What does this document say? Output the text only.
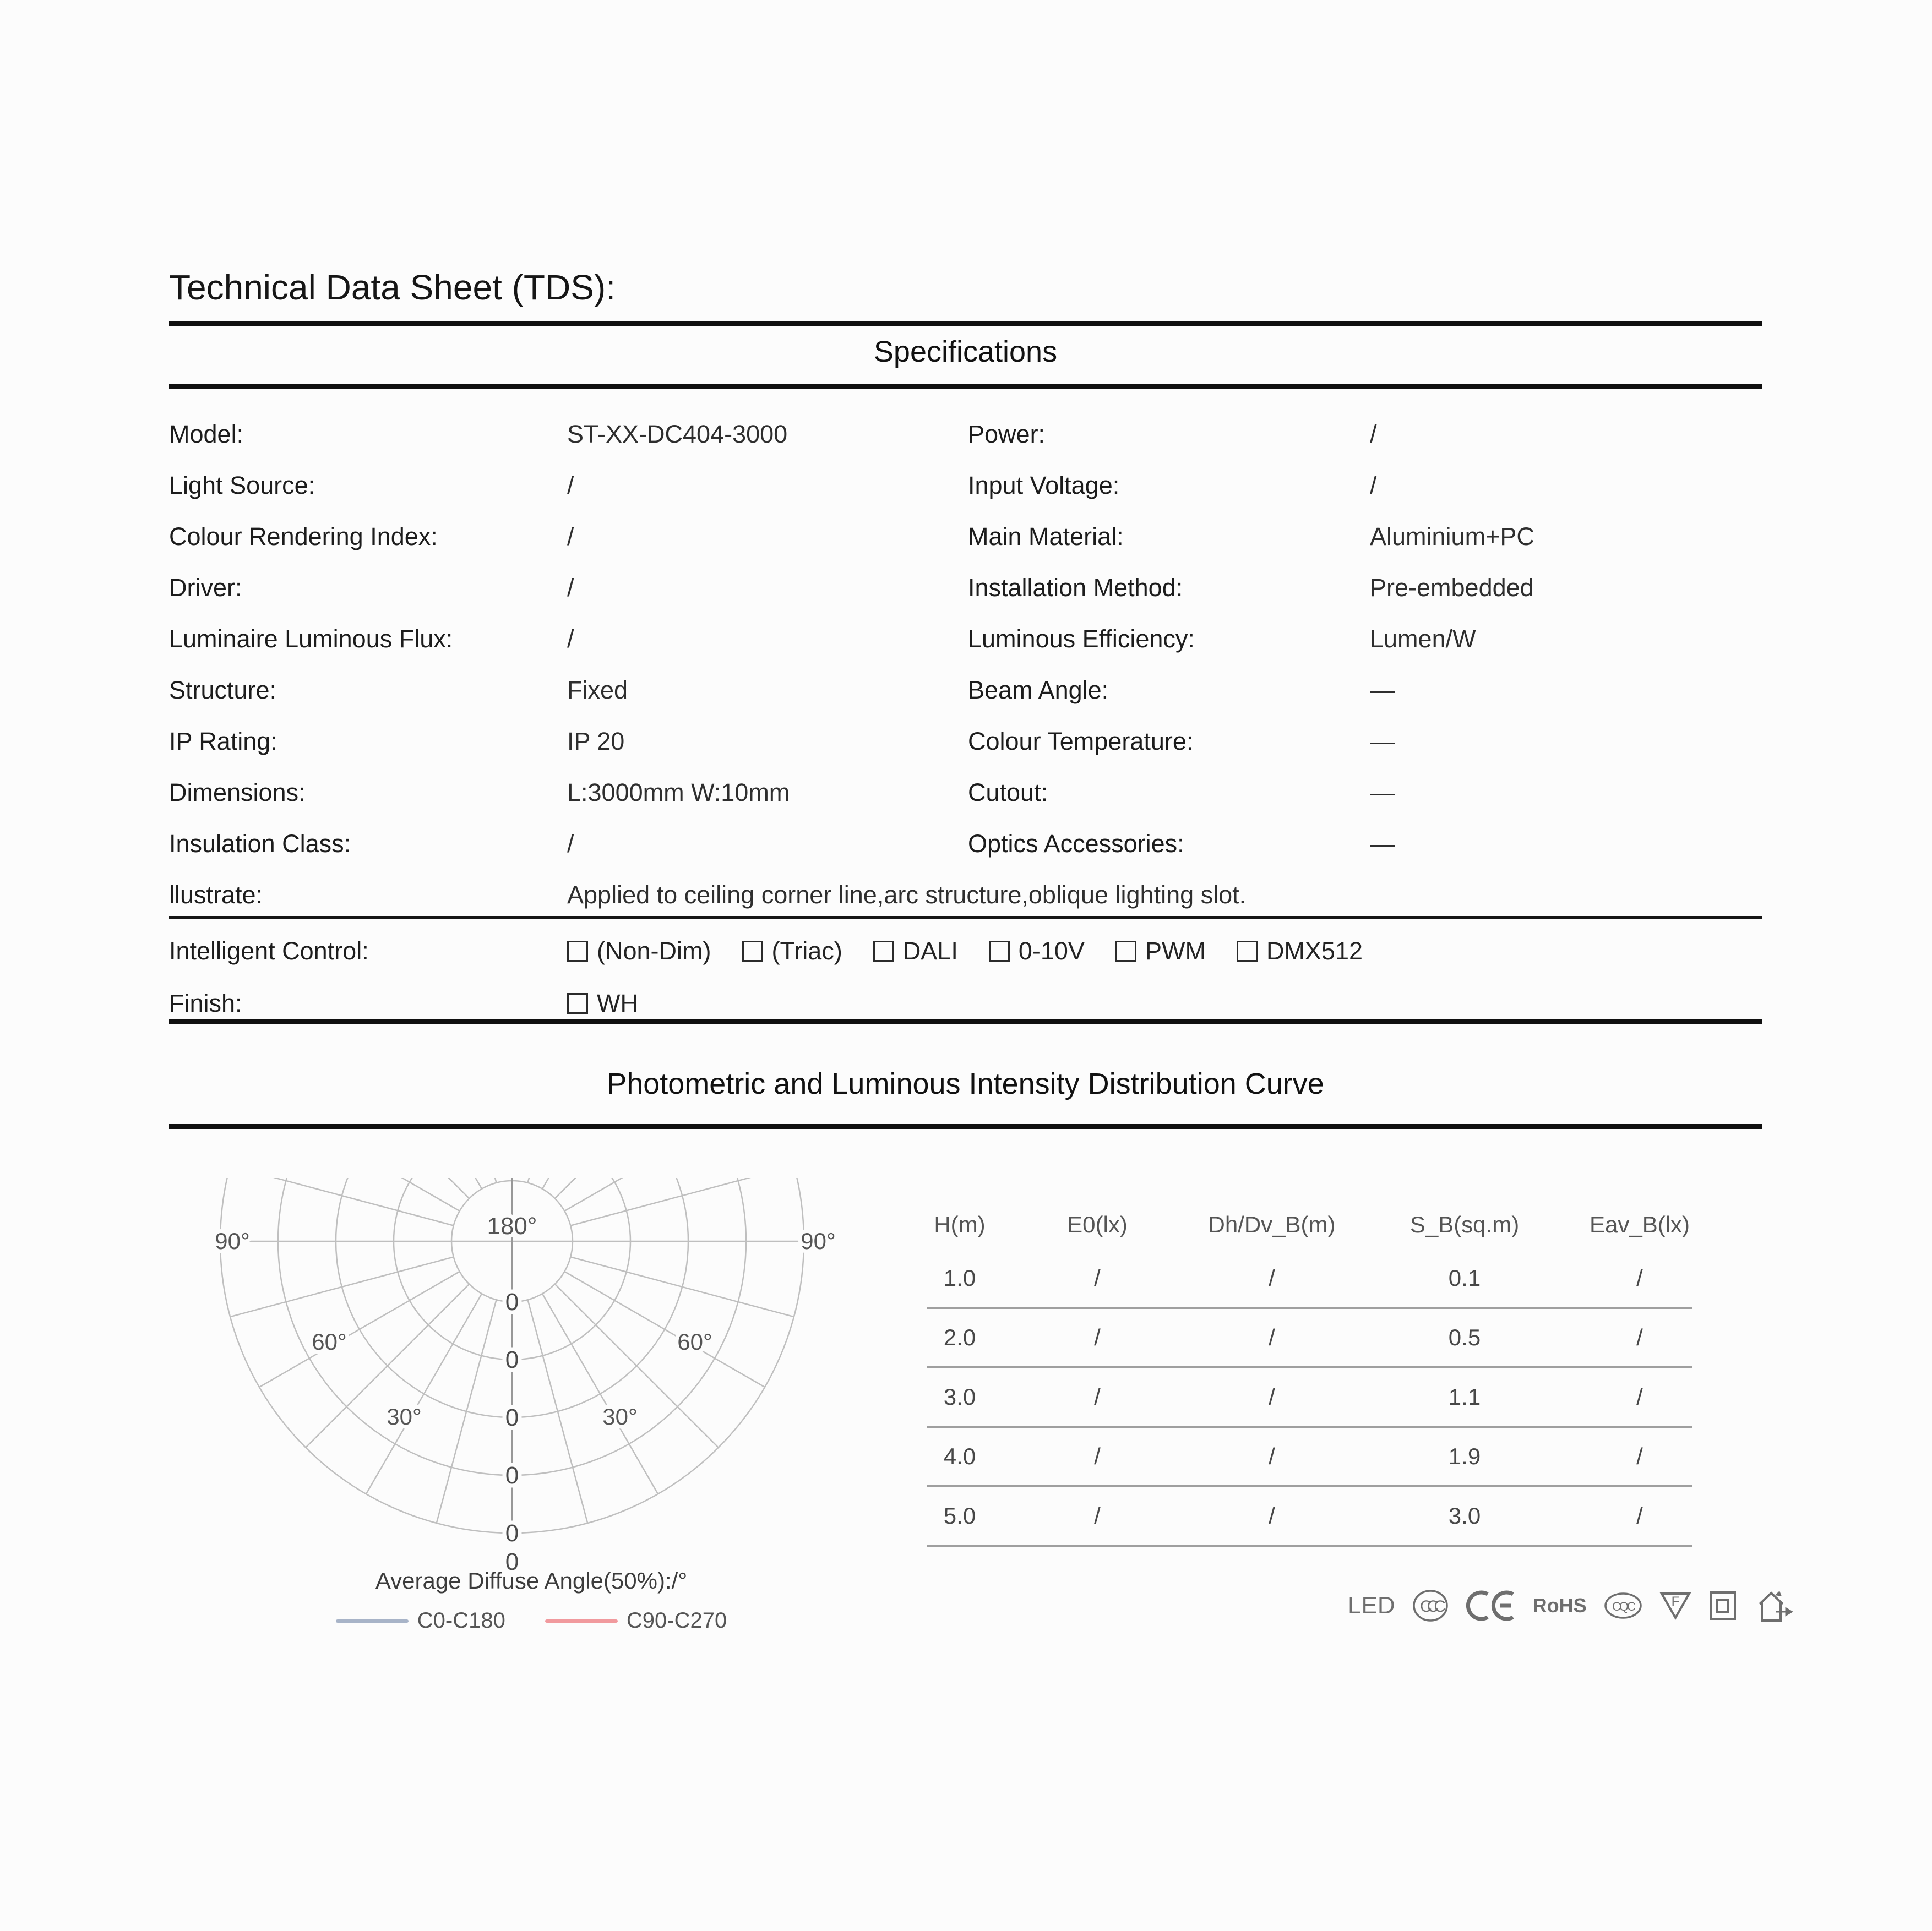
Technical Data Sheet (TDS):
Specifications
Model:	ST-XX-DC404-3000	Power:	/
Light Source:	/	Input Voltage:	/
Colour Rendering Index:	/	Main Material:	Aluminium+PC
Driver:	/	Installation Method:	Pre-embedded
Luminaire Luminous Flux:	/	Luminous Efficiency:	Lumen/W
Structure:	Fixed	Beam Angle:	—
IP Rating:	IP 20	Colour Temperature:	—
Dimensions:	L:3000mm W:10mm	Cutout:	—
Insulation Class:	/	Optics Accessories:	—
llustrate:	Applied to ceiling corner line,arc structure,oblique lighting slot.
Intelligent Control:	(Non-Dim) (Triac) DALI 0-10V PWM DMX512
Finish:	WH
Photometric and Luminous Intensity Distribution Curve
180°
90°	90°
60°	60°
30°	30°
0
0
0
0
0
0
Average Diffuse Angle(50%):/°
C0-C180	C90-C270
H(m)	E0(lx)	Dh/Dv_B(m)	S_B(sq.m)	Eav_B(lx)
1.0	/	/	0.1	/
2.0	/	/	0.5	/
3.0	/	/	1.1	/
4.0	/	/	1.9	/
5.0	/	/	3.0	/
LED CCC	RoHS CQC	F
